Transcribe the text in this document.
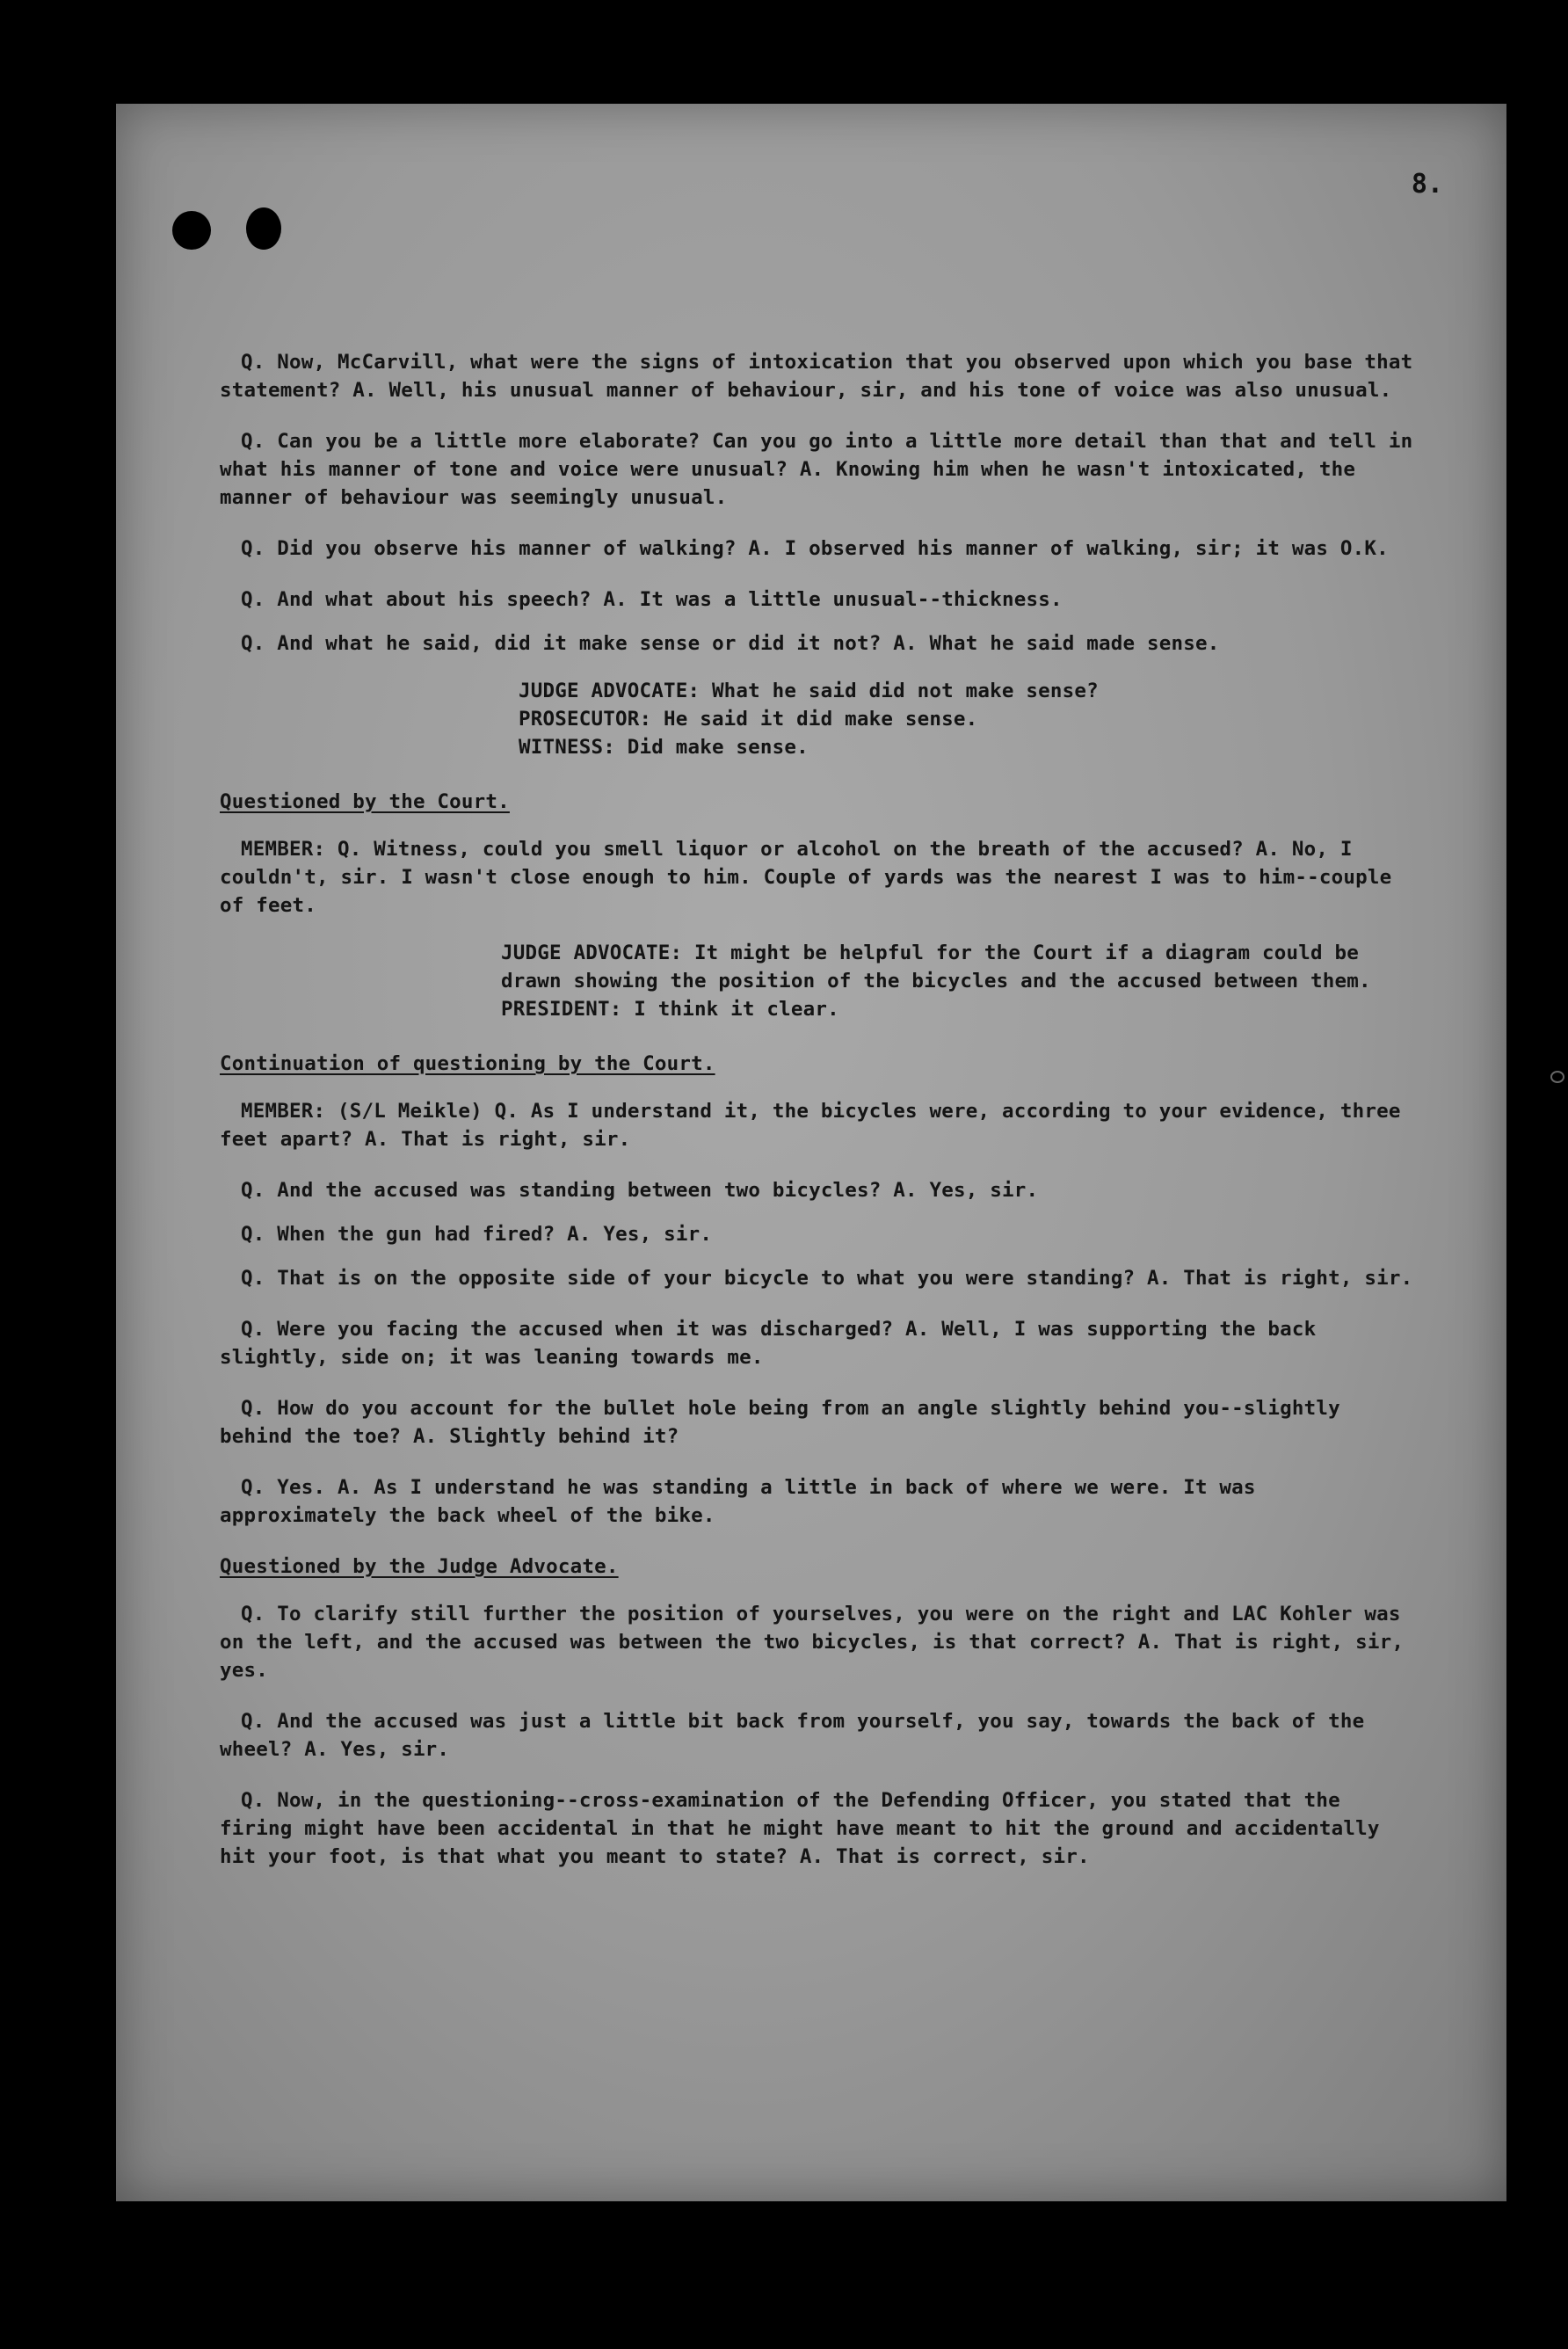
8.

Q. Now, McCarvill, what were the signs of intoxication that you observed upon which you base that statement? A. Well, his unusual manner of behaviour, sir, and his tone of voice was also unusual.

Q. Can you be a little more elaborate? Can you go into a little more detail than that and tell in what his manner of tone and voice were unusual? A. Knowing him when he wasn't intoxicated, the manner of behaviour was seemingly unusual.

Q. Did you observe his manner of walking? A. I observed his manner of walking, sir; it was O.K.

Q. And what about his speech? A. It was a little unusual--thickness.

Q. And what he said, did it make sense or did it not? A. What he said made sense.

JUDGE ADVOCATE: What he said did not make sense?
PROSECUTOR: He said it did make sense.
WITNESS: Did make sense.
Questioned by the Court.

MEMBER: Q. Witness, could you smell liquor or alcohol on the breath of the accused? A. No, I couldn't, sir. I wasn't close enough to him. Couple of yards was the nearest I was to him--couple of feet.

JUDGE ADVOCATE: It might be helpful for the Court if a diagram could be drawn showing the position of the bicycles and the accused between them.
PRESIDENT: I think it clear.
Continuation of questioning by the Court.

MEMBER: (S/L Meikle) Q. As I understand it, the bicycles were, according to your evidence, three feet apart? A. That is right, sir.

Q. And the accused was standing between two bicycles? A. Yes, sir.

Q. When the gun had fired? A. Yes, sir.

Q. That is on the opposite side of your bicycle to what you were standing? A. That is right, sir.

Q. Were you facing the accused when it was discharged? A. Well, I was supporting the back slightly, side on; it was leaning towards me.

Q. How do you account for the bullet hole being from an angle slightly behind you--slightly behind the toe? A. Slightly behind it?

Q. Yes. A. As I understand he was standing a little in back of where we were. It was approximately the back wheel of the bike.

Questioned by the Judge Advocate.

Q. To clarify still further the position of yourselves, you were on the right and LAC Kohler was on the left, and the accused was between the two bicycles, is that correct? A. That is right, sir, yes.

Q. And the accused was just a little bit back from yourself, you say, towards the back of the wheel? A. Yes, sir.

Q. Now, in the questioning--cross-examination of the Defending Officer, you stated that the firing might have been accidental in that he might have meant to hit the ground and accidentally hit your foot, is that what you meant to state? A. That is correct, sir.
